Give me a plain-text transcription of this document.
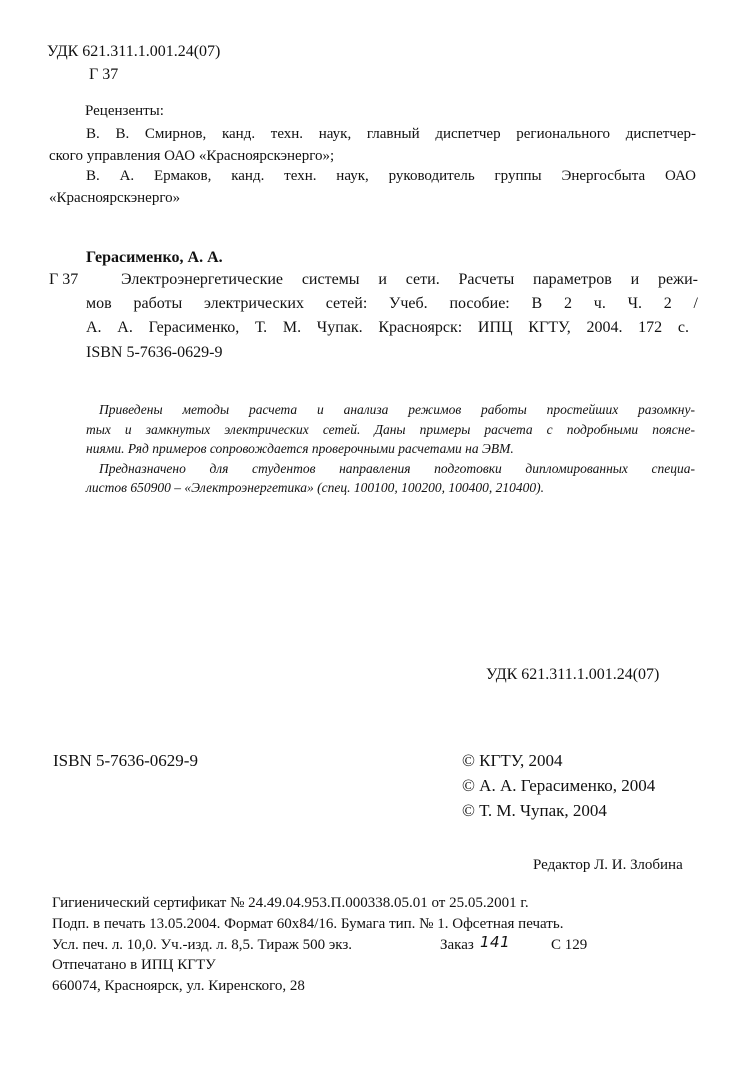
УДК 621.311.1.001.24(07)
Г 37
Рецензенты:
В. В. Смирнов, канд. техн. наук, главный диспетчер регионального диспетчер-
ского управления ОАО «Красноярскэнерго»;
В. А. Ермаков, канд. техн. наук, руководитель группы Энергосбыта ОАО
«Красноярскэнерго»
Герасименко, А. А.
Г 37	Электроэнергетические системы и сети. Расчеты параметров и режи-
мов работы электрических сетей: Учеб. пособие: В 2 ч. Ч. 2 /
А. А. Герасименко, Т. М. Чупак. Красноярск: ИПЦ КГТУ, 2004. 172 с.
ISBN 5-7636-0629-9
Приведены методы расчета и анализа режимов работы простейших разомкну-
тых и замкнутых электрических сетей. Даны примеры расчета с подробными поясне-
ниями. Ряд примеров сопровождается проверочными расчетами на ЭВМ.
Предназначено для студентов направления подготовки дипломированных специа-
листов 650900 – «Электроэнергетика» (спец. 100100, 100200, 100400, 210400).
УДК 621.311.1.001.24(07)
ISBN 5-7636-0629-9	© КГТУ, 2004
© А. А. Герасименко, 2004
© Т. М. Чупак, 2004
Редактор Л. И. Злобина
Гигиенический сертификат № 24.49.04.953.П.000338.05.01 от 25.05.2001 г.
Подп. в печать 13.05.2004. Формат 60х84/16. Бумага тип. № 1. Офсетная печать.
Усл. печ. л. 10,0. Уч.-изд. л. 8,5. Тираж 500 экз.	Заказ 141	С 129
Отпечатано в ИПЦ КГТУ
660074, Красноярск, ул. Киренского, 28
